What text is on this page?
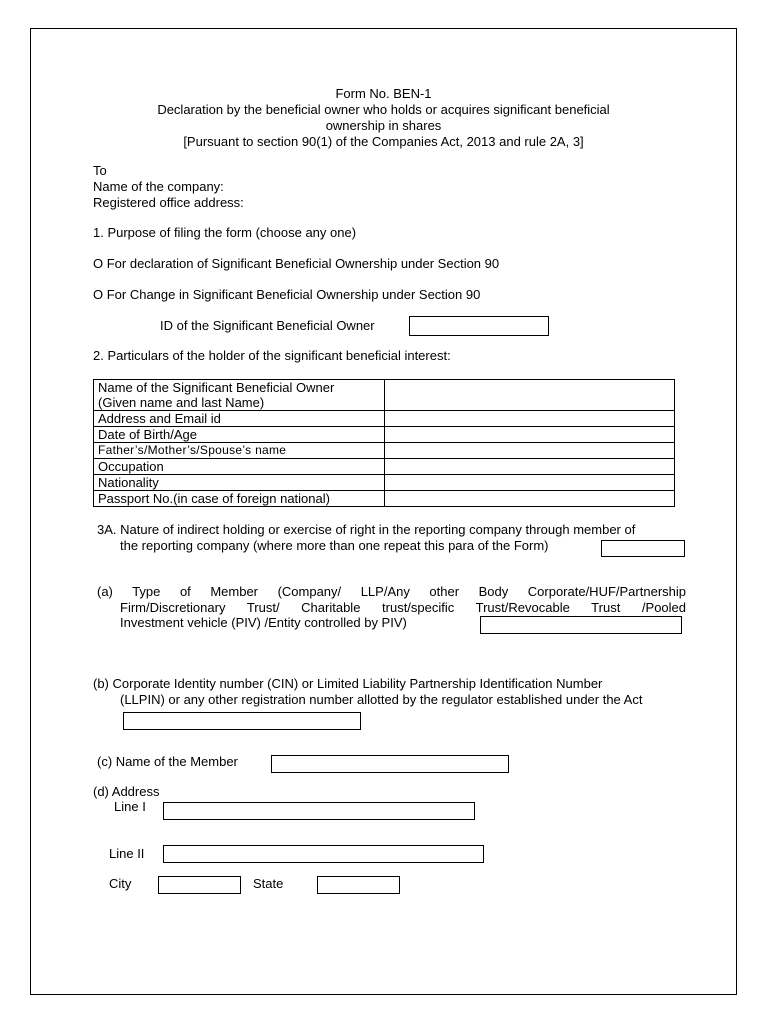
Form No. BEN-1
Declaration by the beneficial owner who holds or acquires significant beneficial
ownership in shares
[Pursuant to section 90(1) of the Companies Act, 2013 and rule 2A, 3]
To
Name of the company:
Registered office address:
1. Purpose of filing the form (choose any one)
O For declaration of Significant Beneficial Ownership under Section 90
O For Change in Significant Beneficial Ownership under Section 90
ID of the Significant Beneficial Owner
2. Particulars of the holder of the significant beneficial interest:
Name of the Significant Beneficial Owner
(Given name and last Name)	

Address and Email id	
Date of Birth/Age	
Father’s/Mother’s/Spouse’s name	
Occupation	
Nationality	
Passport No.(in case of foreign national)	
3A. Nature of indirect holding or exercise of right in the reporting company through member of
the reporting company (where more than one repeat this para of the Form)
(a) Type of Member (Company/ LLP/Any other Body Corporate/HUF/Partnership
Firm/Discretionary Trust/ Charitable trust/specific Trust/Revocable Trust /Pooled
Investment vehicle (PIV) /Entity controlled by PIV)
(b) Corporate Identity number (CIN) or Limited Liability Partnership Identification Number
(LLPIN) or any other registration number allotted by the regulator established under the Act
(c) Name of the Member
(d) Address
Line I
Line II
City	State
